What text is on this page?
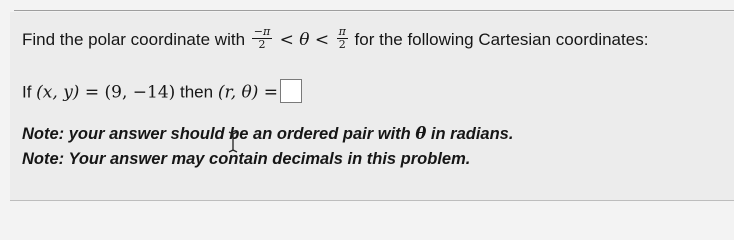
Find the polar coordinate with $\frac{-\pi}{2} < \theta < \frac{\pi}{2}$ for the following Cartesian coordinates:
If (x, y) = (9, −14) then (r, θ) =
Note: your answer should be an ordered pair with θ in radians.
Note: Your answer may contain decimals in this problem.
